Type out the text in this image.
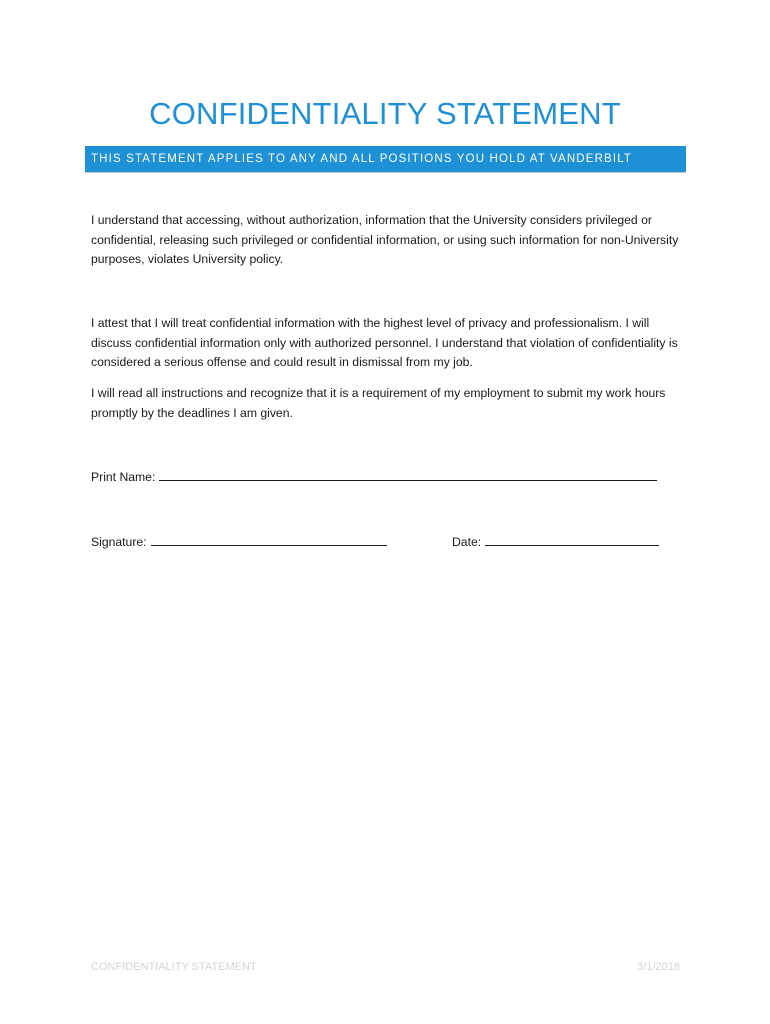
CONFIDENTIALITY STATEMENT
THIS STATEMENT APPLIES TO ANY AND ALL POSITIONS YOU HOLD AT VANDERBILT

I understand that accessing, without authorization, information that the University considers privileged or confidential, releasing such privileged or confidential information, or using such information for non-University purposes, violates University policy.

I attest that I will treat confidential information with the highest level of privacy and professionalism. I will discuss confidential information only with authorized personnel. I understand that violation of confidentiality is considered a serious offense and could result in dismissal from my job.

I will read all instructions and recognize that it is a requirement of my employment to submit my work hours promptly by the deadlines I am given.

Print Name:
Signature:	Date:
CONFIDENTIALITY STATEMENT	3/1/2018
